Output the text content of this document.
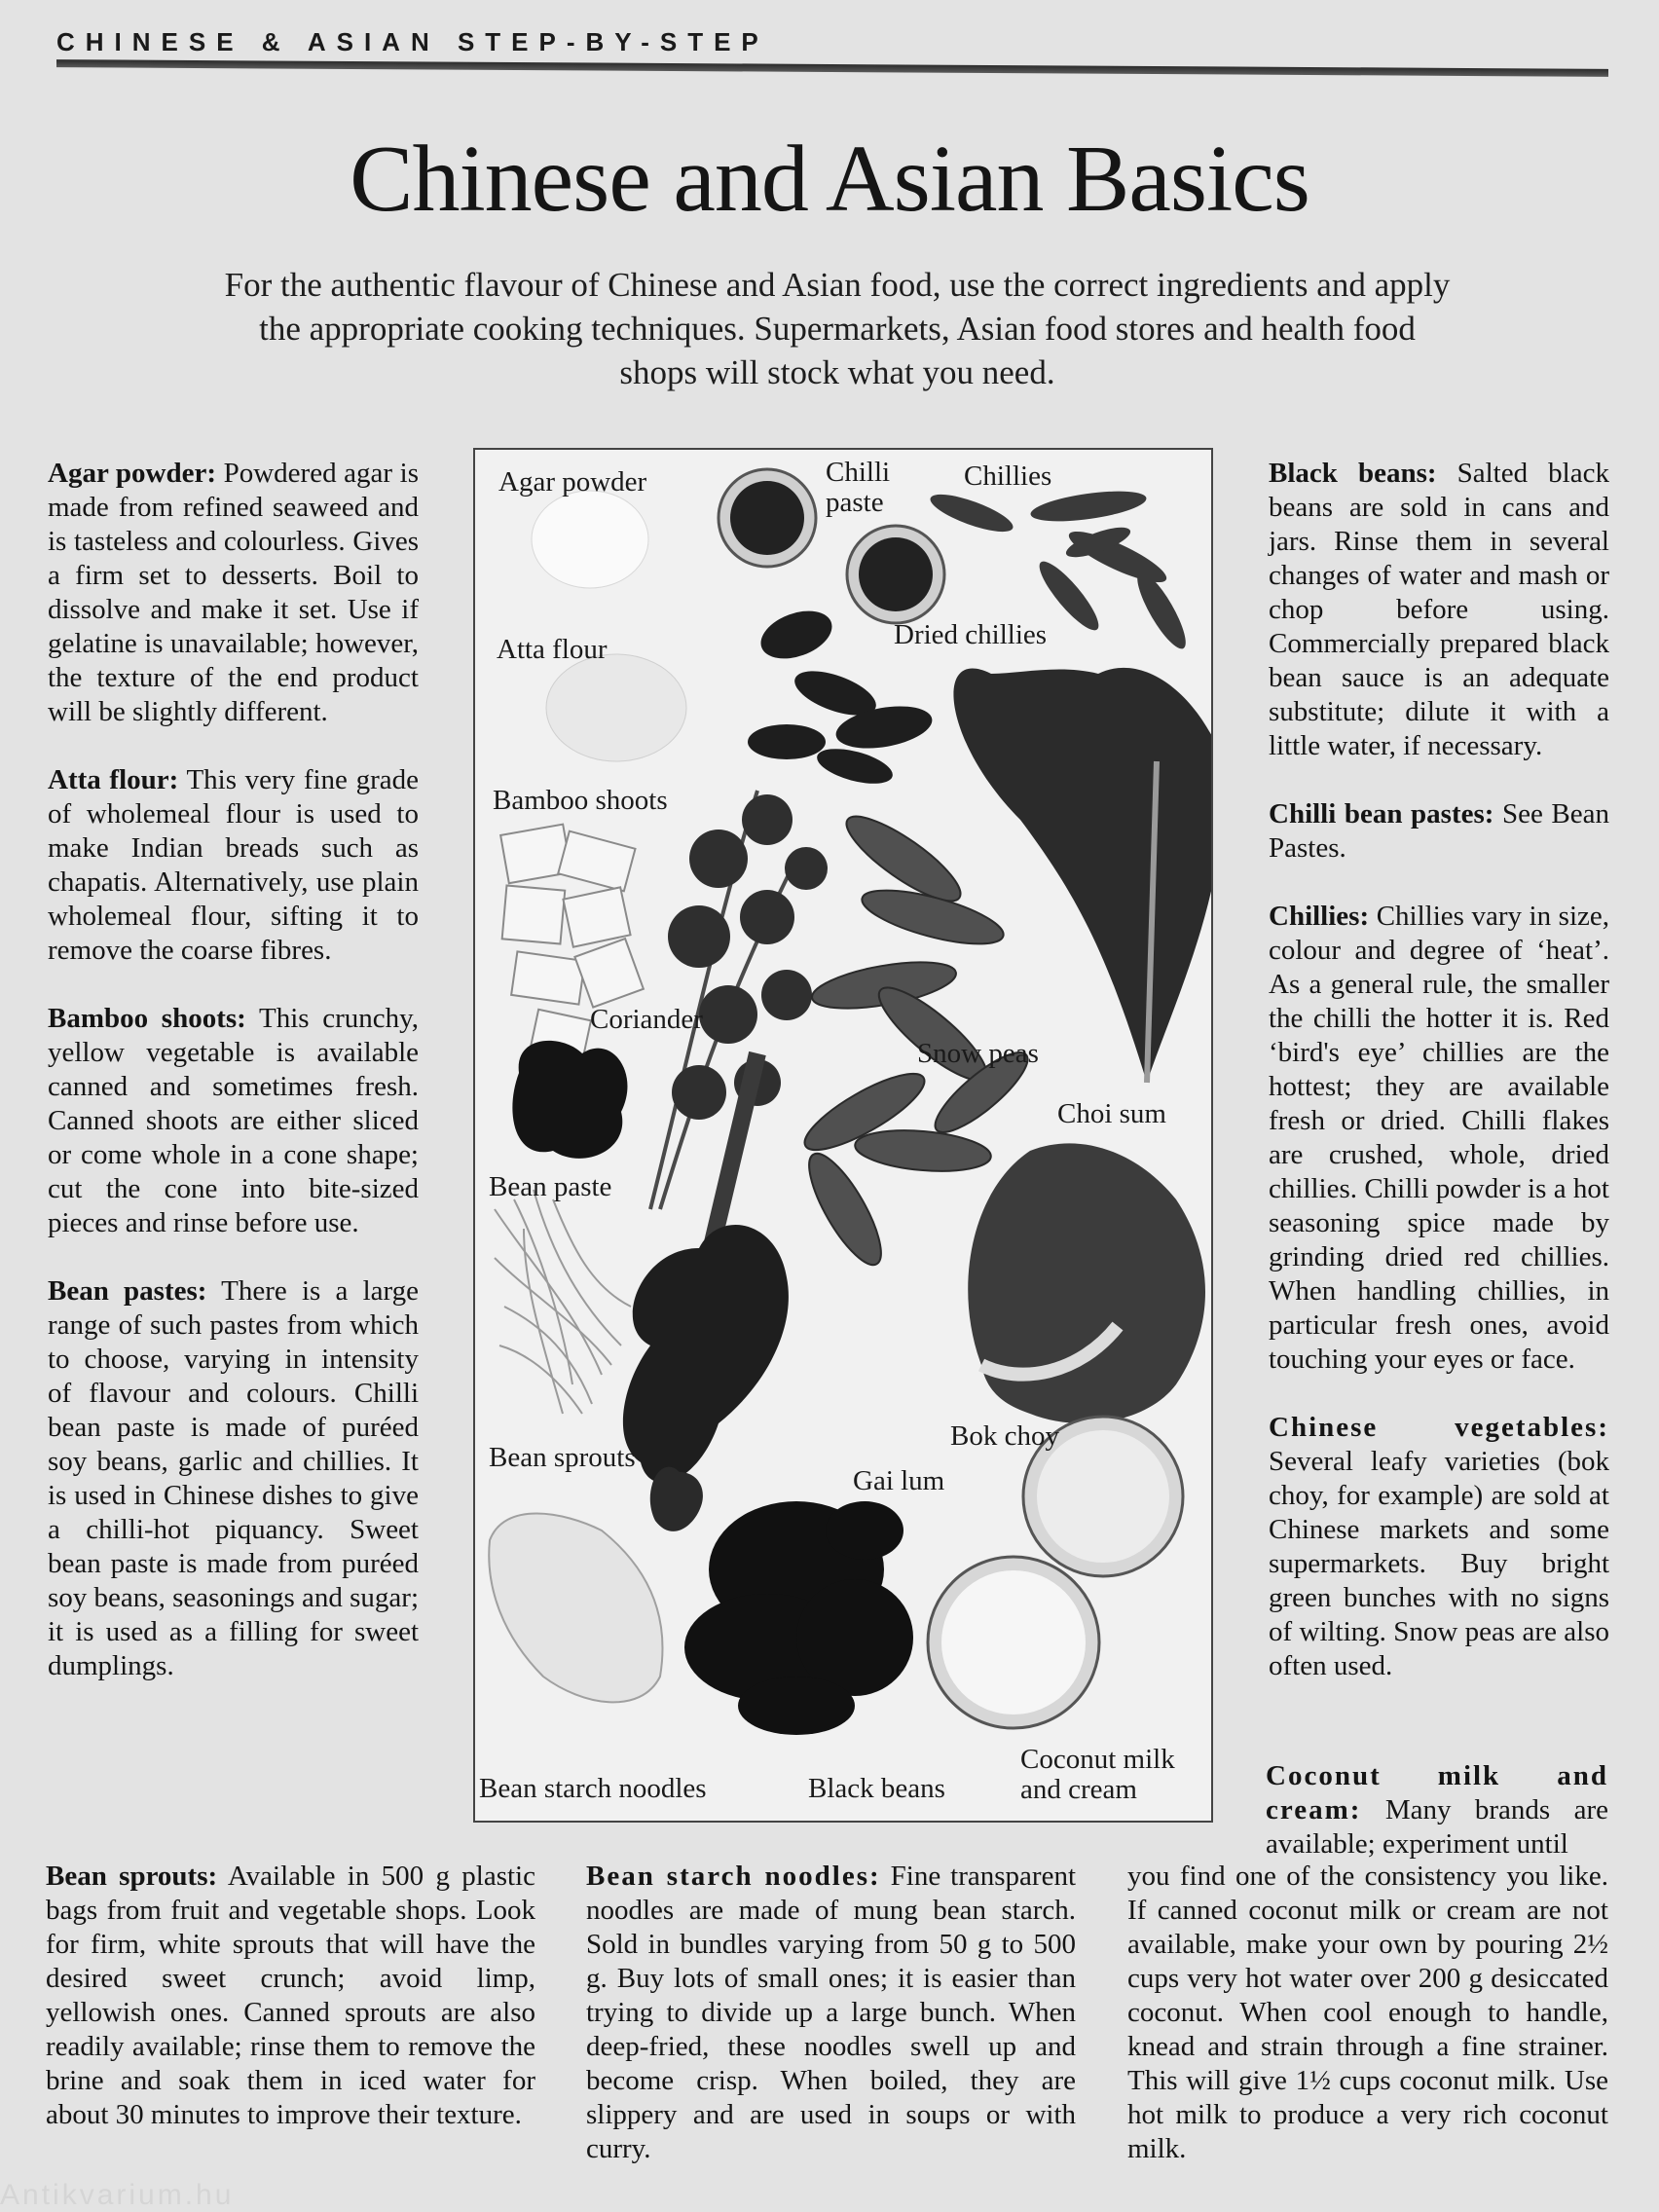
CHINESE & ASIAN STEP-BY-STEP
Chinese and Asian Basics
For the authentic flavour of Chinese and Asian food, use the correct ingredients and apply the appropriate cooking techniques. Supermarkets, Asian food stores and health food shops will stock what you need.

Agar powder: Powdered agar is made from refined seaweed and is tasteless and colourless. Gives a firm set to desserts. Boil to dissolve and make it set. Use if gelatine is unavailable; however, the texture of the end product will be slightly different.

Atta flour: This very fine grade of wholemeal flour is used to make Indian breads such as chapatis. Alternatively, use plain wholemeal flour, sifting it to remove the coarse fibres.

Bamboo shoots: This crunchy, yellow vegetable is available canned and sometimes fresh. Canned shoots are either sliced or come whole in a cone shape; cut the cone into bite-sized pieces and rinse before use.

Bean pastes: There is a large range of such pastes from which to choose, varying in intensity of flavour and colours. Chilli bean paste is made of puréed soy beans, garlic and chillies. It is used in Chinese dishes to give a chilli-hot piquancy. Sweet bean paste is made from puréed soy beans, seasonings and sugar; it is used as a filling for sweet dumplings.

Black beans: Salted black beans are sold in cans and jars. Rinse them in several changes of water and mash or chop before using. Commercially prepared black bean sauce is an adequate substitute; dilute it with a little water, if necessary.

Chilli bean pastes: See Bean Pastes.

Chillies: Chillies vary in size, colour and degree of ‘heat’. As a general rule, the smaller the chilli the hotter it is. Red ‘bird's eye’ chillies are the hottest; they are available fresh or dried. Chilli flakes are crushed, whole, dried chillies. Chilli powder is a hot seasoning spice made by grinding dried red chillies. When handling chillies, in particular fresh ones, avoid touching your eyes or face.

Chinese vegetables: Several leafy varieties (bok choy, for example) are sold at Chinese markets and some supermarkets. Buy bright green bunches with no signs of wilting. Snow peas are also often used.

Coconut milk and cream: Many brands are available; experiment until

Agar powder	Chilli paste
Chillies
Atta flour	Dried chillies
Bamboo shoots
Coriander
Snow peas
Choi sum
Bean paste
Bean sprouts
Bok choy
Gai lum
Bean starch noodles	Black beans
Coconut milk and cream

Bean sprouts: Available in 500 g plastic bags from fruit and vegetable shops. Look for firm, white sprouts that will have the desired sweet crunch; avoid limp, yellowish ones. Canned sprouts are also readily available; rinse them to remove the brine and soak them in iced water for about 30 minutes to improve their texture.

Bean starch noodles: Fine transparent noodles are made of mung bean starch. Sold in bundles varying from 50 g to 500 g. Buy lots of small ones; it is easier than trying to divide up a large bunch. When deep-fried, these noodles swell up and become crisp. When boiled, they are slippery and are used in soups or with curry.

you find one of the consistency you like. If canned coconut milk or cream are not available, make your own by pouring 2½ cups very hot water over 200 g desiccated coconut. When cool enough to handle, knead and strain through a fine strainer. This will give 1½ cups coconut milk. Use hot milk to produce a very rich coconut milk.

Antikvarium.hu
